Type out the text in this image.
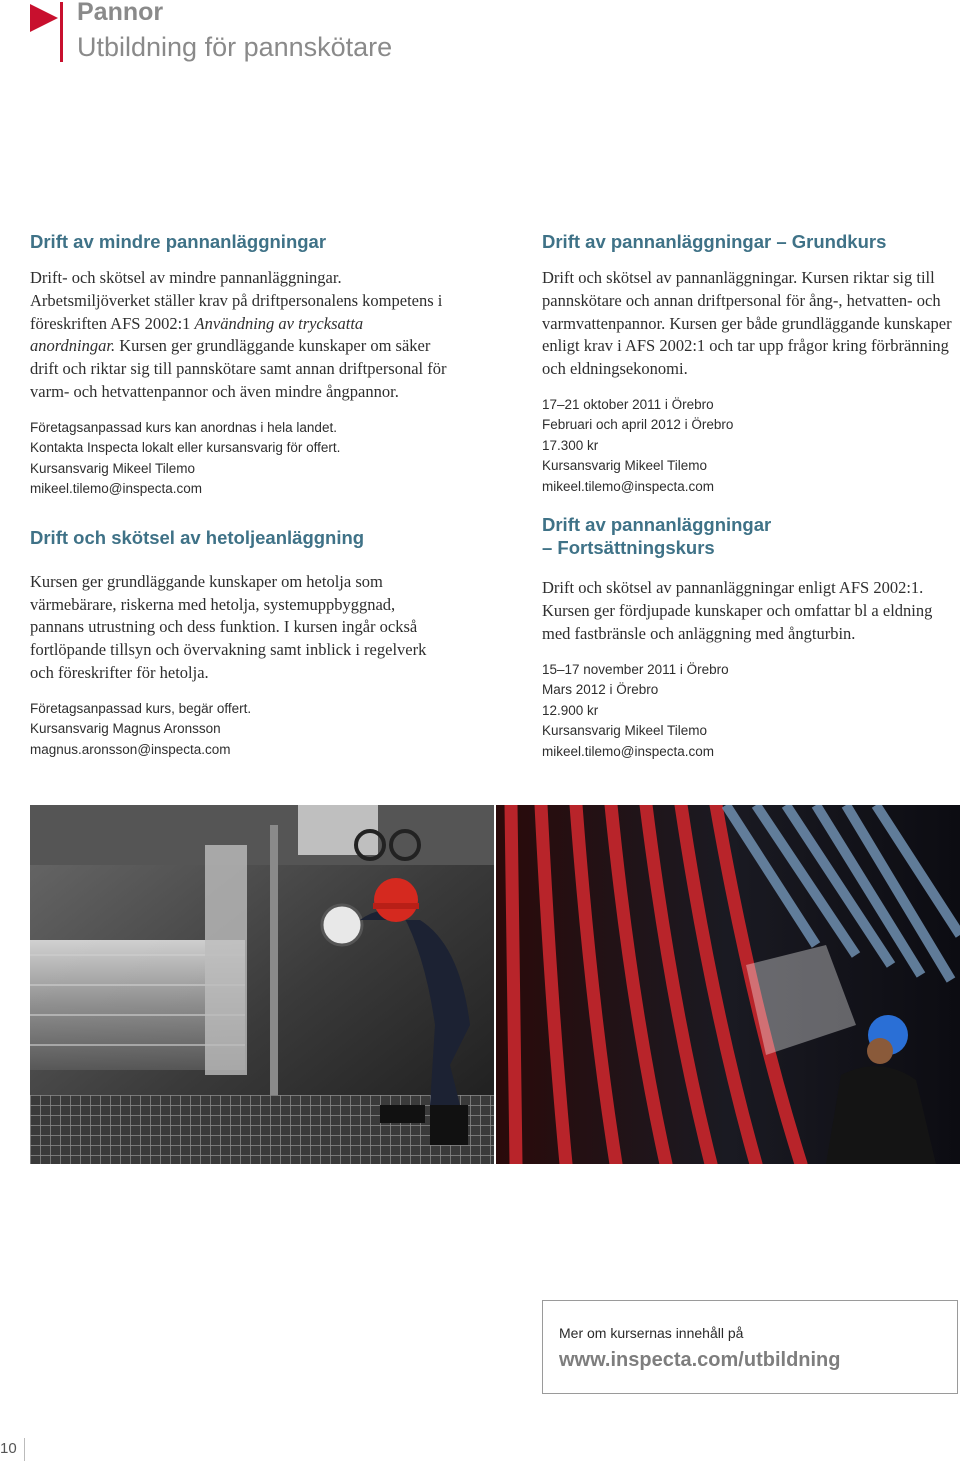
Pannor
Utbildning för pannskötare
Drift av mindre pannanläggningar

Drift- och skötsel av mindre pannanläggningar. Arbetsmiljöverket ställer krav på driftpersonalens kompetens i föreskriften AFS 2002:1 Användning av trycksatta anordningar. Kursen ger grundläggande kunskaper om säker drift och riktar sig till pannskötare samt annan driftpersonal för varm- och hetvattenpannor och även mindre ångpannor.

Företagsanpassad kurs kan anordnas i hela landet.
Kontakta Inspecta lokalt eller kursansvarig för offert.
Kursansvarig Mikeel Tilemo
mikeel.tilemo@inspecta.com
Drift och skötsel av hetoljeanläggning

Kursen ger grundläggande kunskaper om hetolja som värmebärare, riskerna med hetolja, systemuppbyggnad, pannans utrustning och dess funktion. I kursen ingår också fortlöpande tillsyn och övervakning samt inblick i regelverk och föreskrifter för hetolja.

Företagsanpassad kurs, begär offert.
Kursansvarig Magnus Aronsson
magnus.aronsson@inspecta.com
Drift av pannanläggningar – Grundkurs

Drift och skötsel av pannanläggningar. Kursen riktar sig till pannskötare och annan driftpersonal för ång-, hetvatten- och varmvattenpannor. Kursen ger både grundläggande kunskaper enligt krav i AFS 2002:1 och tar upp frågor kring förbränning och eldningsekonomi.

17–21 oktober 2011 i Örebro
Februari och april 2012 i Örebro
17.300 kr
Kursansvarig Mikeel Tilemo
mikeel.tilemo@inspecta.com
Drift av pannanläggningar
– Fortsättningskurs

Drift och skötsel av pannanläggningar enligt AFS 2002:1. Kursen ger fördjupade kunskaper och omfattar bl a eldning med fastbränsle och anläggning med ångturbin.

15–17 november 2011 i Örebro
Mars 2012 i Örebro
12.900 kr
Kursansvarig Mikeel Tilemo
mikeel.tilemo@inspecta.com

Mer om kursernas innehåll på

www.inspecta.com/utbildning

10
